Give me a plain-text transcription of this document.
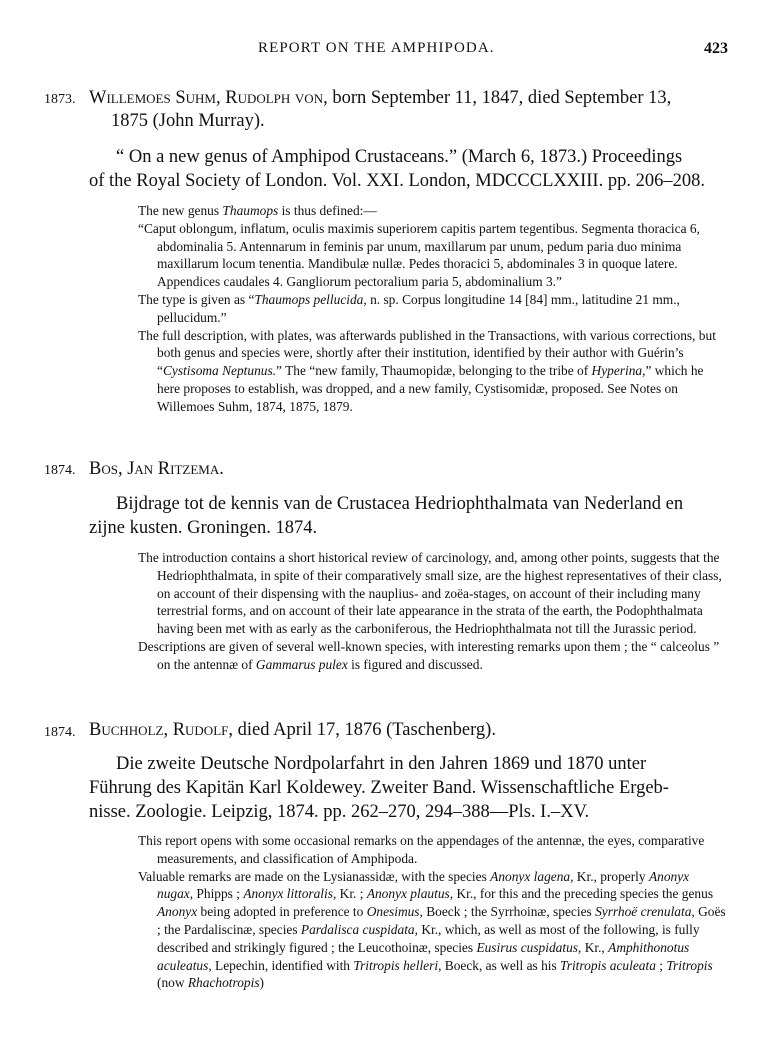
REPORT ON THE AMPHIPODA.	423
1873. Willemoes Suhm, Rudolph von, born September 11, 1847, died September 13,
1875 (John Murray).
“ On a new genus of Amphipod Crustaceans.” (March 6, 1873.) Proceedings
of the Royal Society of London. Vol. XXI. London, MDCCCLXXIII. pp. 206–208.

The new genus Thaumops is thus defined:—

“Caput oblongum, inflatum, oculis maximis superiorem capitis partem tegentibus. Segmenta thoracica 6, abdominalia 5. Antennarum in feminis par unum, maxillarum par unum, pedum paria duo minima maxillarum locum tenentia. Mandibulæ nullæ. Pedes thoracici 5, abdominales 3 in quoque latere. Appendices caudales 4. Gangliorum pectoralium paria 5, abdominalium 3.”

The type is given as “Thaumops pellucida, n. sp. Corpus longitudine 14 [84] mm., latitudine 21 mm., pellucidum.”

The full description, with plates, was afterwards published in the Transactions, with various corrections, but both genus and species were, shortly after their institution, identified by their author with Guérin’s “Cystisoma Neptunus.” The “new family, Thaumopidæ, belonging to the tribe of Hyperina,” which he here proposes to establish, was dropped, and a new family, Cystisomidæ, proposed. See Notes on Willemoes Suhm, 1874, 1875, 1879.

1874. Bos, Jan Ritzema.
Bijdrage tot de kennis van de Crustacea Hedriophthalmata van Nederland en
zijne kusten. Groningen. 1874.

The introduction contains a short historical review of carcinology, and, among other points, suggests that the Hedriophthalmata, in spite of their comparatively small size, are the highest representatives of their class, on account of their dispensing with the nauplius- and zoëa-stages, on account of their including many terrestrial forms, and on account of their late appearance in the strata of the earth, the Podophthalmata having been met with as early as the carboniferous, the Hedriophthalmata not till the Jurassic period.

Descriptions are given of several well-known species, with interesting remarks upon them ; the “ calceolus ” on the antennæ of Gammarus pulex is figured and discussed.

1874. Buchholz, Rudolf, died April 17, 1876 (Taschenberg).
Die zweite Deutsche Nordpolarfahrt in den Jahren 1869 und 1870 unter
Führung des Kapitän Karl Koldewey. Zweiter Band. Wissenschaftliche Ergeb-
nisse. Zoologie. Leipzig, 1874. pp. 262–270, 294–388—Pls. I.–XV.

This report opens with some occasional remarks on the appendages of the antennæ, the eyes, comparative measurements, and classification of Amphipoda.

Valuable remarks are made on the Lysianassidæ, with the species Anonyx lagena, Kr., properly Anonyx nugax, Phipps ; Anonyx littoralis, Kr. ; Anonyx plautus, Kr., for this and the preceding species the genus Anonyx being adopted in preference to Onesimus, Boeck ; the Syrrhoinæ, species Syrrhoë crenulata, Goës ; the Pardaliscinæ, species Pardalisca cuspidata, Kr., which, as well as most of the following, is fully described and strikingly figured ; the Leucothoinæ, species Eusirus cuspidatus, Kr., Amphithonotus aculeatus, Lepechin, identified with Tritropis helleri, Boeck, as well as his Tritropis aculeata ; Tritropis (now Rhachotropis)
